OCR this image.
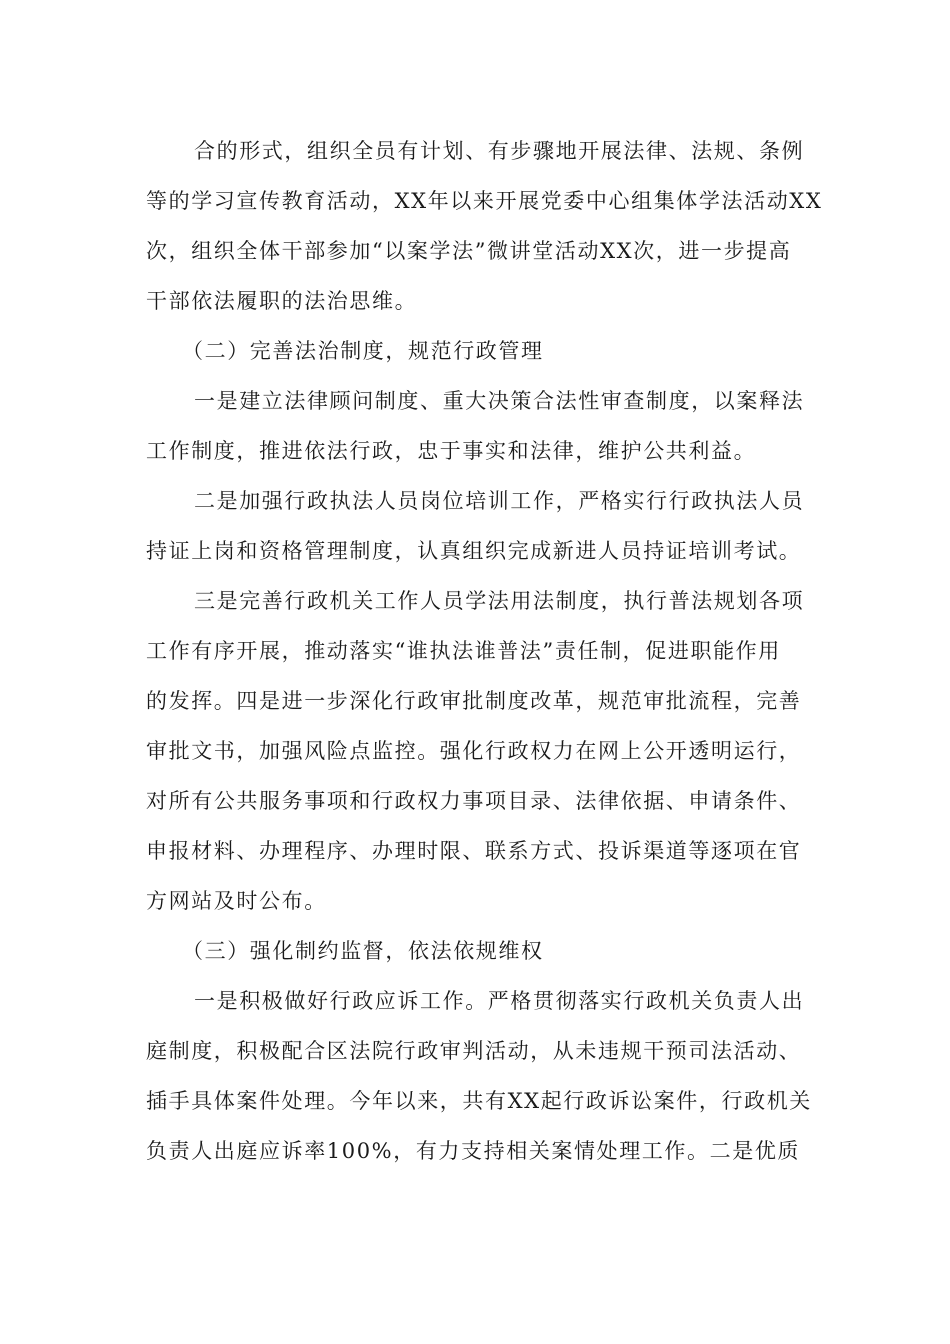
合的形式，组织全员有计划、有步骤地开展法律、法规、条例
等的学习宣传教育活动，XX年以来开展党委中心组集体学法活动XX
次，组织全体干部参加“以案学法”微讲堂活动XX次，进一步提高
干部依法履职的法治思维。
（二）完善法治制度，规范行政管理
一是建立法律顾问制度、重大决策合法性审查制度，以案释法
工作制度，推进依法行政，忠于事实和法律，维护公共利益。
二是加强行政执法人员岗位培训工作，严格实行行政执法人员
持证上岗和资格管理制度，认真组织完成新进人员持证培训考试。
三是完善行政机关工作人员学法用法制度，执行普法规划各项
工作有序开展，推动落实“谁执法谁普法”责任制，促进职能作用
的发挥。四是进一步深化行政审批制度改革，规范审批流程，完善
审批文书，加强风险点监控。强化行政权力在网上公开透明运行，
对所有公共服务事项和行政权力事项目录、法律依据、申请条件、
申报材料、办理程序、办理时限、联系方式、投诉渠道等逐项在官
方网站及时公布。
（三）强化制约监督，依法依规维权
一是积极做好行政应诉工作。严格贯彻落实行政机关负责人出
庭制度，积极配合区法院行政审判活动，从未违规干预司法活动、
插手具体案件处理。今年以来，共有XX起行政诉讼案件，行政机关
负责人出庭应诉率100%，有力支持相关案情处理工作。二是优质
